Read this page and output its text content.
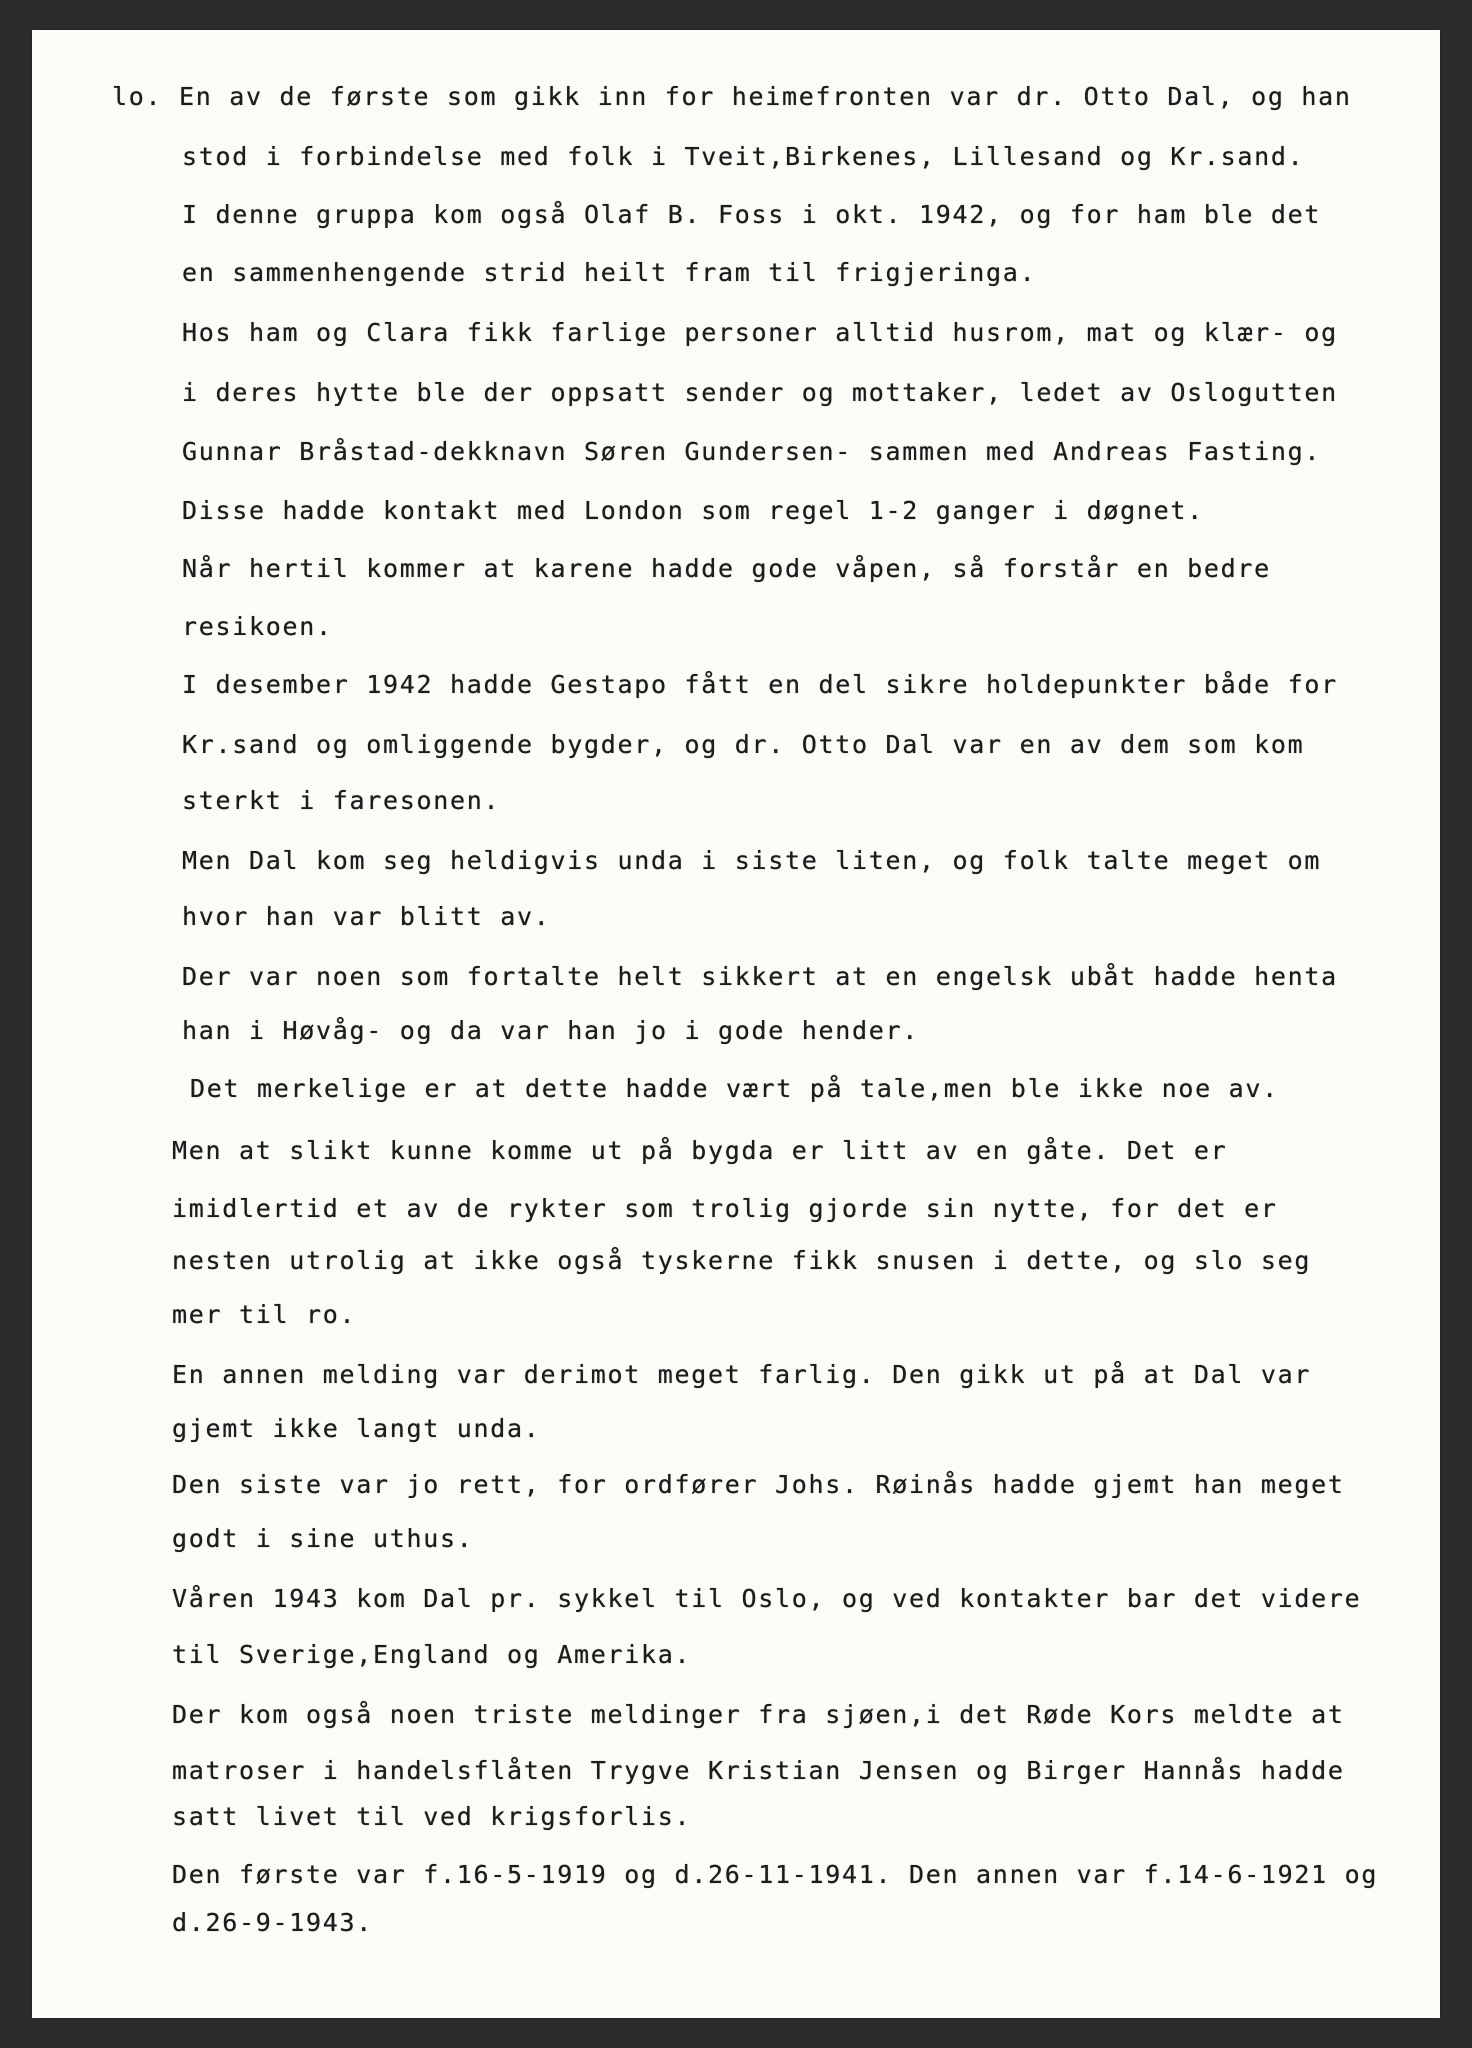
lo. En av de første som gikk inn for heimefronten var dr. Otto Dal, og han
stod i forbindelse med folk i Tveit,Birkenes, Lillesand og Kr.sand.
I denne gruppa kom også Olaf B. Foss i okt. 1942, og for ham ble det
en sammenhengende strid heilt fram til frigjeringa.
Hos ham og Clara fikk farlige personer alltid husrom, mat og klær- og
i deres hytte ble der oppsatt sender og mottaker, ledet av Oslogutten
Gunnar Bråstad-dekknavn Søren Gundersen- sammen med Andreas Fasting.
Disse hadde kontakt med London som regel 1-2 ganger i døgnet.
Når hertil kommer at karene hadde gode våpen, så forstår en bedre
resikoen.
I desember 1942 hadde Gestapo fått en del sikre holdepunkter både for
Kr.sand og omliggende bygder, og dr. Otto Dal var en av dem som kom
sterkt i faresonen.
Men Dal kom seg heldigvis unda i siste liten, og folk talte meget om
hvor han var blitt av.
Der var noen som fortalte helt sikkert at en engelsk ubåt hadde henta
han i Høvåg- og da var han jo i gode hender.
Det merkelige er at dette hadde vært på tale,men ble ikke noe av.
Men at slikt kunne komme ut på bygda er litt av en gåte. Det er
imidlertid et av de rykter som trolig gjorde sin nytte, for det er
nesten utrolig at ikke også tyskerne fikk snusen i dette, og slo seg
mer til ro.
En annen melding var derimot meget farlig. Den gikk ut på at Dal var
gjemt ikke langt unda.
Den siste var jo rett, for ordfører Johs. Røinås hadde gjemt han meget
godt i sine uthus.
Våren 1943 kom Dal pr. sykkel til Oslo, og ved kontakter bar det videre
til Sverige,England og Amerika.
Der kom også noen triste meldinger fra sjøen,i det Røde Kors meldte at
matroser i handelsflåten Trygve Kristian Jensen og Birger Hannås hadde
satt livet til ved krigsforlis.
Den første var f.16-5-1919 og d.26-11-1941. Den annen var f.14-6-1921 og
d.26-9-1943.
